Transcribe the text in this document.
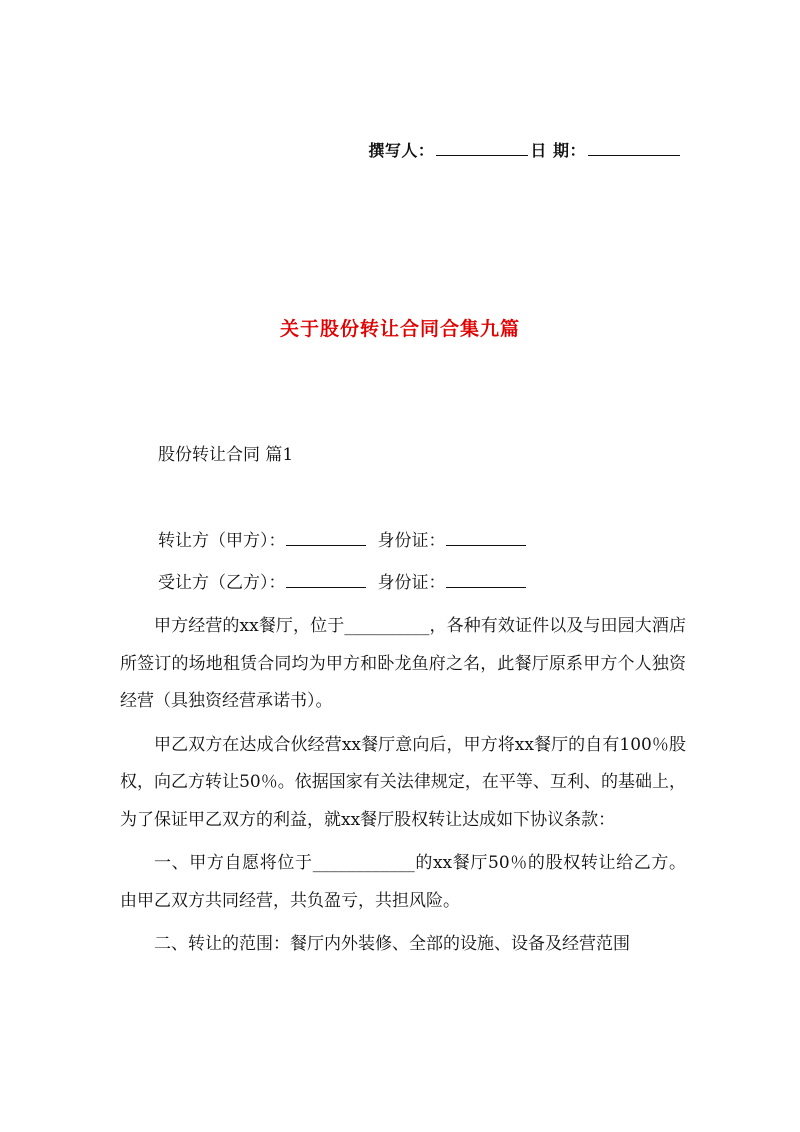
撰写人：	日 期：
关于股份转让合同合集九篇
股份转让合同 篇1
转让方（甲方）：	身份证：
受让方（乙方）：	身份证：

甲方经营的xx餐厅，位于__________，各种有效证件以及与田园大酒店所签订的场地租赁合同均为甲方和卧龙鱼府之名，此餐厅原系甲方个人独资经营（具独资经营承诺书）。

甲乙双方在达成合伙经营xx餐厅意向后，甲方将xx餐厅的自有100％股权，向乙方转让50％。依据国家有关法律规定，在平等、互利、的基础上，为了保证甲乙双方的利益，就xx餐厅股权转让达成如下协议条款：

一、甲方自愿将位于____________的xx餐厅50％的股权转让给乙方。由甲乙双方共同经营，共负盈亏，共担风险。

二、转让的范围：餐厅内外装修、全部的设施、设备及经营范围
